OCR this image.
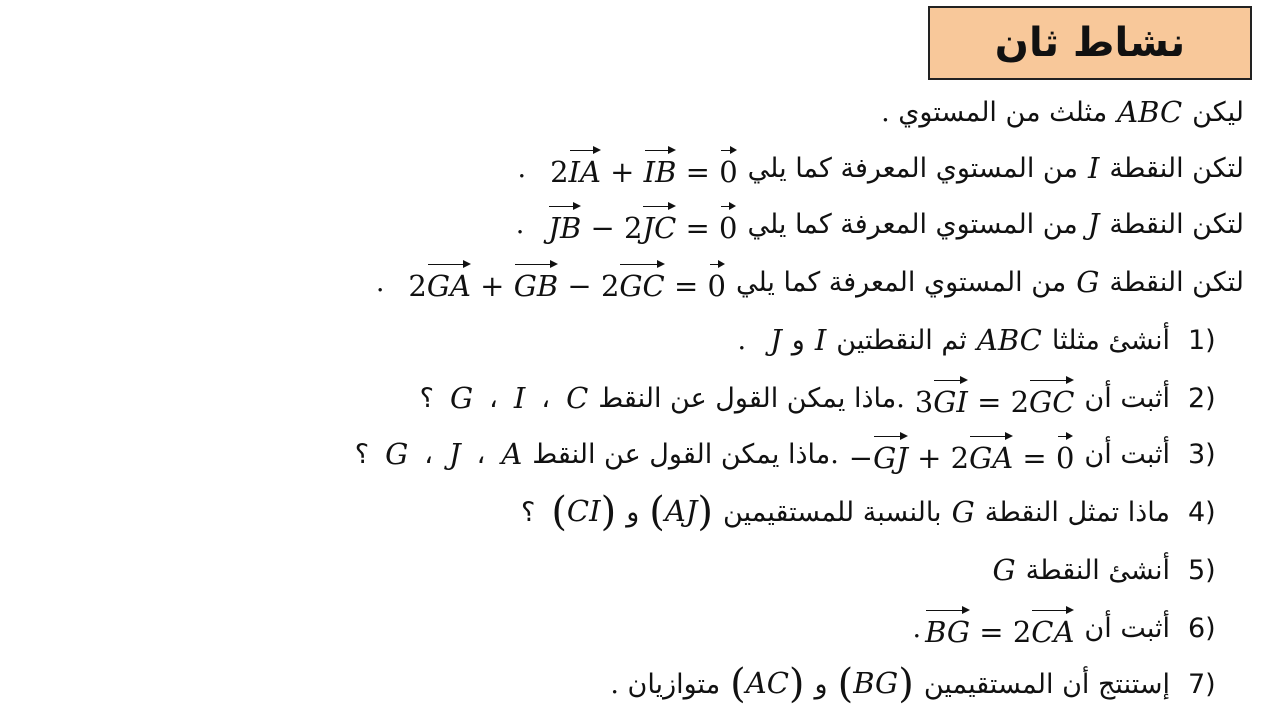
نشاط ثان
مثلث من المستوي . ABC ليكن
. 2IA + IB = 0 من المستوي المعرفة كما يلي I لتكن النقطة
. JB − 2JC = 0 من المستوي المعرفة كما يلي J لتكن النقطة
. 2GA + GB − 2GC = 0 من المستوي المعرفة كما يلي G لتكن النقطة
. J و I ثم النقطتين ABC أنشئ مثلثا 1)
؟ G ، I ، C .ماذا يمكن القول عن النقط 3GI = 2GC أثبت أن 2)
؟ G ، J ، A .ماذا يمكن القول عن النقط −GJ + 2GA = 0 أثبت أن 3)
؟ (CI) و (AJ) بالنسبة للمستقيمين G ماذا تمثل النقطة 4)
G أنشئ النقطة 5)
. BG = 2CA أثبت أن 6)
متوازيان . (AC) و (BG) إستنتج أن المستقيمين 7)
